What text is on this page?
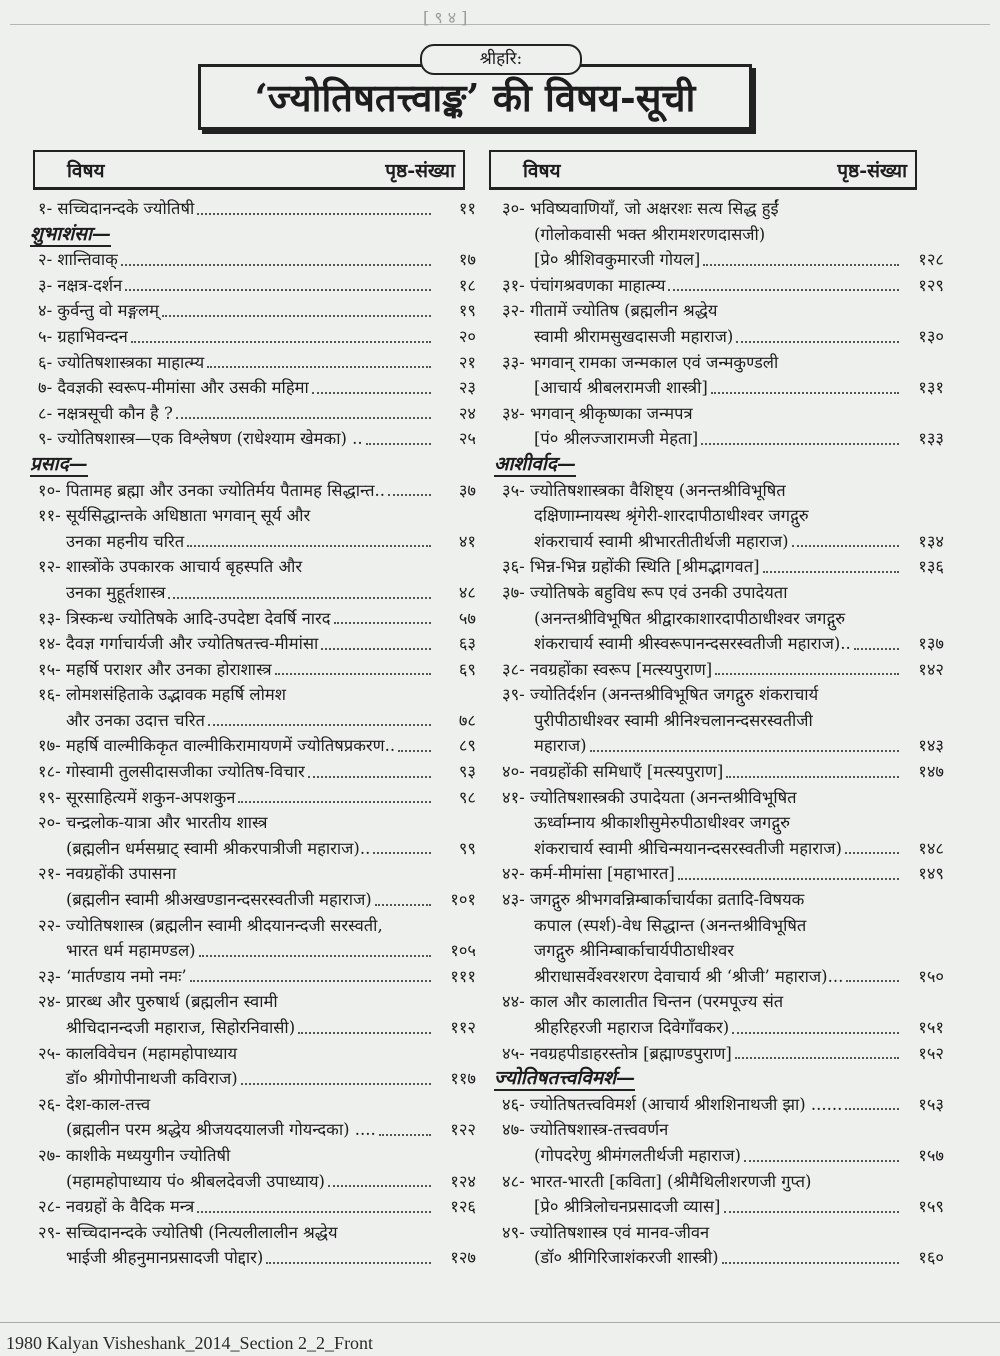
[ ९ ४ ]
श्रीहरि:
‘ज्योतिषतत्त्वाङ्क’ की विषय-सूची
विषय	पृष्ठ-संख्या	विषय	पृष्ठ-संख्या
१- सच्चिदानन्दके ज्योतिषी	११
शुभाशंसा—
२- शान्तिवाक्	१७
३- नक्षत्र-दर्शन	१८
४- कुर्वन्तु वो मङ्गलम्	१९
५- ग्रहाभिवन्दन	२०
६- ज्योतिषशास्त्रका माहात्म्य	२१
७- दैवज्ञकी स्वरूप-मीमांसा और उसकी महिमा	२३
८- नक्षत्रसूची कौन है ?	२४
९- ज्योतिषशास्त्र—एक विश्लेषण (राधेश्याम खेमका) ..	२५
प्रसाद—
१०- पितामह ब्रह्मा और उनका ज्योतिर्मय पैतामह सिद्धान्त..	३७
११- सूर्यसिद्धान्तके अधिष्ठाता भगवान् सूर्य और
उनका महनीय चरित	४१
१२- शास्त्रोंके उपकारक आचार्य बृहस्पति और
उनका मुहूर्तशास्त्र	४८
१३- त्रिस्कन्ध ज्योतिषके आदि-उपदेष्टा देवर्षि नारद	५७
१४- दैवज्ञ गर्गाचार्यजी और ज्योतिषतत्त्व-मीमांसा	६३
१५- महर्षि पराशर और उनका होराशास्त्र	६९
१६- लोमशसंहिताके उद्भावक महर्षि लोमश
और उनका उदात्त चरित	७८
१७- महर्षि वाल्मीकिकृत वाल्मीकिरामायणमें ज्योतिषप्रकरण..	८९
१८- गोस्वामी तुलसीदासजीका ज्योतिष-विचार	९३
१९- सूरसाहित्यमें शकुन-अपशकुन	९८
२०- चन्द्रलोक-यात्रा और भारतीय शास्त्र
(ब्रह्मलीन धर्मसम्राट् स्वामी श्रीकरपात्रीजी महाराज)..	९९
२१- नवग्रहोंकी उपासना
(ब्रह्मलीन स्वामी श्रीअखण्डानन्दसरस्वतीजी महाराज)	१०१
२२- ज्योतिषशास्त्र (ब्रह्मलीन स्वामी श्रीदयानन्दजी सरस्वती,
भारत धर्म महामण्डल)	१०५
२३- ‘मार्तण्डाय नमो नमः’	१११
२४- प्रारब्ध और पुरुषार्थ (ब्रह्मलीन स्वामी
श्रीचिदानन्दजी महाराज, सिहोरनिवासी)	११२
२५- कालविवेचन (महामहोपाध्याय
डॉ० श्रीगोपीनाथजी कविराज)	११७
२६- देश-काल-तत्त्व
(ब्रह्मलीन परम श्रद्धेय श्रीजयदयालजी गोयन्दका) ....	१२२
२७- काशीके मध्ययुगीन ज्योतिषी
(महामहोपाध्याय पं० श्रीबलदेवजी उपाध्याय)	१२४
२८- नवग्रहों के वैदिक मन्त्र	१२६
२९- सच्चिदानन्दके ज्योतिषी (नित्यलीलालीन श्रद्धेय
भाईजी श्रीहनुमानप्रसादजी पोद्दार)	१२७
३०- भविष्यवाणियाँ, जो अक्षरशः सत्य सिद्ध हुईं
(गोलोकवासी भक्त श्रीरामशरणदासजी)
[प्रे० श्रीशिवकुमारजी गोयल]	१२८
३१- पंचांगश्रवणका माहात्म्य	१२९
३२- गीतामें ज्योतिष (ब्रह्मलीन श्रद्धेय
स्वामी श्रीरामसुखदासजी महाराज)	१३०
३३- भगवान् रामका जन्मकाल एवं जन्मकुण्डली
[आचार्य श्रीबलरामजी शास्त्री]	१३१
३४- भगवान् श्रीकृष्णका जन्मपत्र
[पं० श्रीलज्जारामजी मेहता]	१३३
आशीर्वाद—
३५- ज्योतिषशास्त्रका वैशिष्ट्य (अनन्तश्रीविभूषित
दक्षिणाम्नायस्थ श्रृंगेरी-शारदापीठाधीश्वर जगद्गुरु
शंकराचार्य स्वामी श्रीभारतीतीर्थजी महाराज)	१३४
३६- भिन्न-भिन्न ग्रहोंकी स्थिति [श्रीमद्भागवत]	१३६
३७- ज्योतिषके बहुविध रूप एवं उनकी उपादेयता
(अनन्तश्रीविभूषित श्रीद्वारकाशारदापीठाधीश्वर जगद्गुरु
शंकराचार्य स्वामी श्रीस्वरूपानन्दसरस्वतीजी महाराज)..	१३७
३८- नवग्रहोंका स्वरूप [मत्स्यपुराण]	१४२
३९- ज्योतिर्दर्शन (अनन्तश्रीविभूषित जगद्गुरु शंकराचार्य
पुरीपीठाधीश्वर स्वामी श्रीनिश्चलानन्दसरस्वतीजी
महाराज)	१४३
४०- नवग्रहोंकी समिधाएँ [मत्स्यपुराण]	१४७
४१- ज्योतिषशास्त्रकी उपादेयता (अनन्तश्रीविभूषित
ऊर्ध्वाम्नाय श्रीकाशीसुमेरुपीठाधीश्वर जगद्गुरु
शंकराचार्य स्वामी श्रीचिन्मयानन्दसरस्वतीजी महाराज)	१४८
४२- कर्म-मीमांसा [महाभारत]	१४९
४३- जगद्गुरु श्रीभगवन्निम्बार्काचार्यका व्रतादि-विषयक
कपाल (स्पर्श)-वेध सिद्धान्त (अनन्तश्रीविभूषित
जगद्गुरु श्रीनिम्बार्काचार्यपीठाधीश्वर
श्रीराधासर्वेश्वरशरण देवाचार्य श्री ‘श्रीजी’ महाराज)...	१५०
४४- काल और कालातीत चिन्तन (परमपूज्य संत
श्रीहरिहरजी महाराज दिवेगाँवकर)	१५१
४५- नवग्रहपीडाहरस्तोत्र [ब्रह्माण्डपुराण]	१५२
ज्योतिषतत्त्वविमर्श—
४६- ज्योतिषतत्त्वविमर्श (आचार्य श्रीशशिनाथजी झा) ......	१५३
४७- ज्योतिषशास्त्र-तत्त्ववर्णन
(गोपदरेणु श्रीमंगलतीर्थजी महाराज)	१५७
४८- भारत-भारती [कविता] (श्रीमैथिलीशरणजी गुप्त)
[प्रे० श्रीत्रिलोचनप्रसादजी व्यास]	१५९
४९- ज्योतिषशास्त्र एवं मानव-जीवन
(डॉ० श्रीगिरिजाशंकरजी शास्त्री)	१६०
1980 Kalyan Visheshank_2014_Section 2_2_Front
